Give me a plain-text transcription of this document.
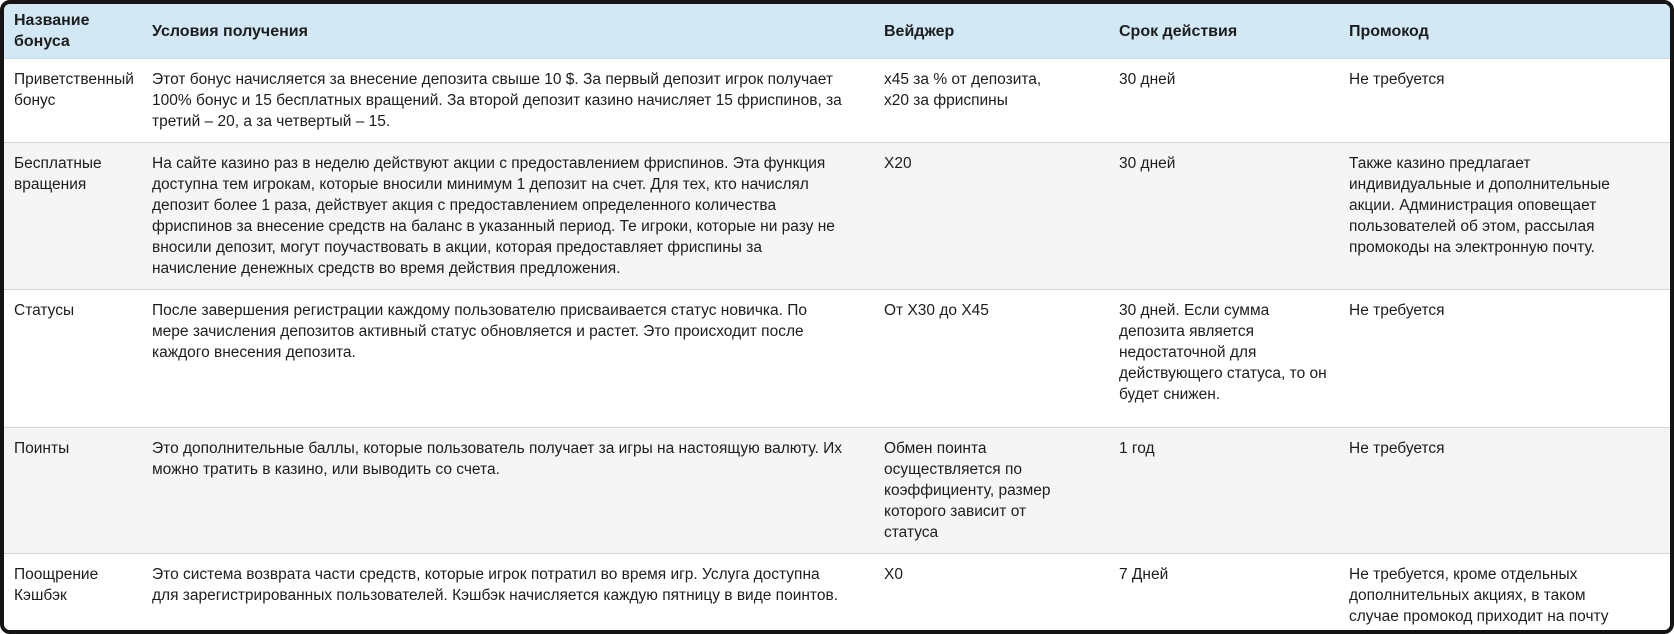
Название бонуса	Условия получения	Вейджер	Срок действия	Промокод

Приветственный бонус	Этот бонус начисляется за внесение депозита свыше 10 $. За первый депозит игрок получает 100% бонус и 15 бесплатных вращений. За второй депозит казино начисляет 15 фриспинов, за третий – 20, а за четвертый – 15.	x45 за % от депозита, x20 за фриспины	30 дней	Не требуется

Бесплатные вращения	На сайте казино раз в неделю действуют акции с предоставлением фриспинов. Эта функция доступна тем игрокам, которые вносили минимум 1 депозит на счет. Для тех, кто начислял депозит более 1 раза, действует акция с предоставлением определенного количества фриспинов за внесение средств на баланс в указанный период. Те игроки, которые ни разу не вносили депозит, могут поучаствовать в акции, которая предоставляет фриспины за начисление денежных средств во время действия предложения.	X20	30 дней	Также казино предлагает индивидуальные и дополнительные акции. Администрация оповещает пользователей об этом, рассылая промокоды на электронную почту.

Статусы	После завершения регистрации каждому пользователю присваивается статус новичка. По мере зачисления депозитов активный статус обновляется и растет. Это происходит после каждого внесения депозита.	От X30 до X45	30 дней. Если сумма депозита является недостаточной для действующего статуса, то он будет снижен.	Не требуется

Поинты	Это дополнительные баллы, которые пользователь получает за игры на настоящую валюту. Их можно тратить в казино, или выводить со счета.	Обмен поинта осуществляется по коэффициенту, размер которого зависит от статуса	1 год	Не требуется

Поощрение Кэшбэк	Это система возврата части средств, которые игрок потратил во время игр. Услуга доступна для зарегистрированных пользователей. Кэшбэк начисляется каждую пятницу в виде поинтов.	X0	7 Дней	Не требуется, кроме отдельных дополнительных акциях, в таком случае промокод приходит на почту
